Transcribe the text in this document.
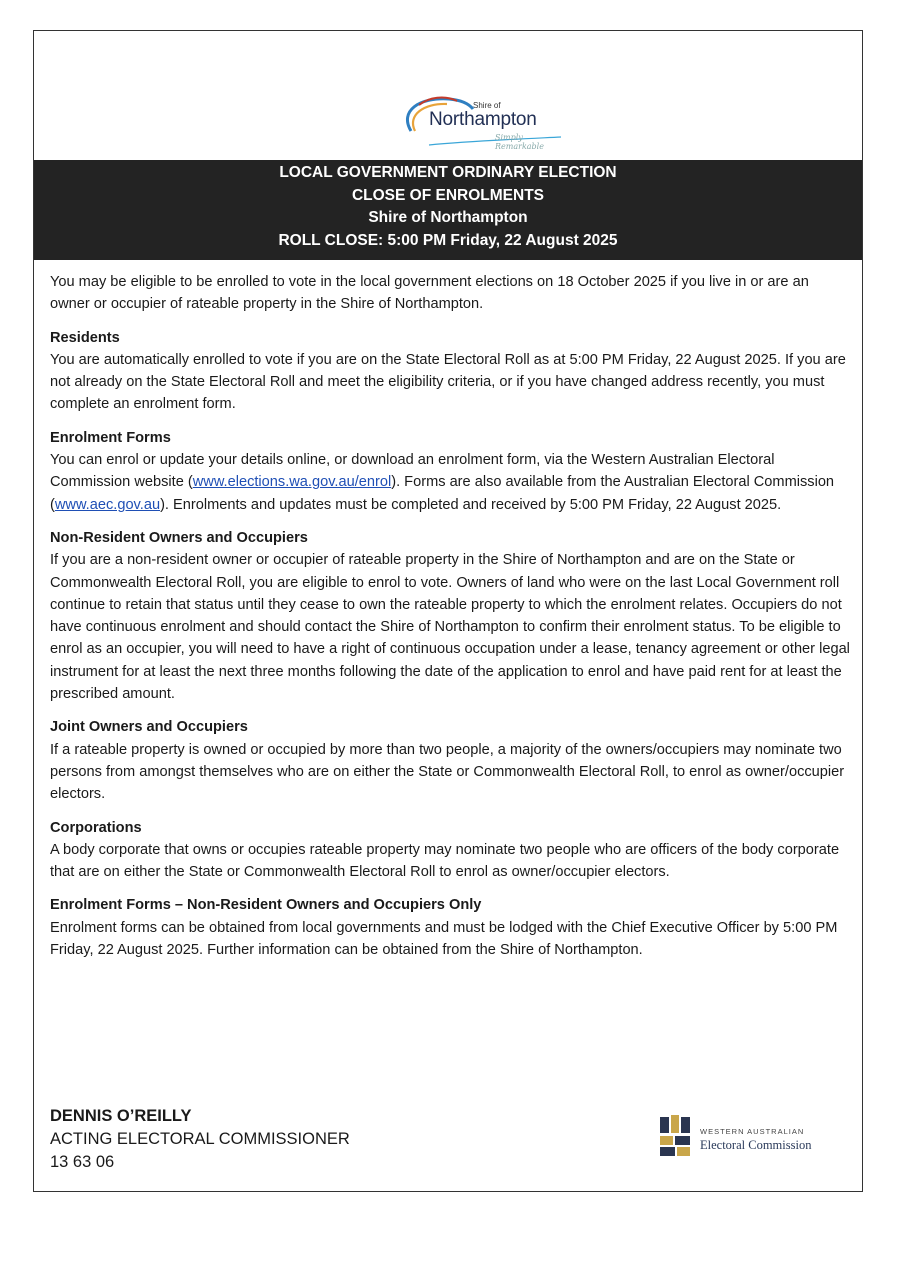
Shire of
Northampton
Simply Remarkable
LOCAL GOVERNMENT ORDINARY ELECTION
CLOSE OF ENROLMENTS
Shire of Northampton
ROLL CLOSE: 5:00 PM Friday, 22 August 2025

You may be eligible to be enrolled to vote in the local government elections on 18 October 2025 if you live in or are an owner or occupier of rateable property in the Shire of Northampton.

Residents

You are automatically enrolled to vote if you are on the State Electoral Roll as at 5:00 PM Friday, 22 August 2025. If you are not already on the State Electoral Roll and meet the eligibility criteria, or if you have changed address recently, you must complete an enrolment form.

Enrolment Forms

You can enrol or update your details online, or download an enrolment form, via the Western Australian Electoral Commission website (www.elections.wa.gov.au/enrol). Forms are also available from the Australian Electoral Commission (www.aec.gov.au). Enrolments and updates must be completed and received by 5:00 PM Friday, 22 August 2025.

Non-Resident Owners and Occupiers

If you are a non-resident owner or occupier of rateable property in the Shire of Northampton and are on the State or Commonwealth Electoral Roll, you are eligible to enrol to vote. Owners of land who were on the last Local Government roll continue to retain that status until they cease to own the rateable property to which the enrolment relates. Occupiers do not have continuous enrolment and should contact the Shire of Northampton to confirm their enrolment status. To be eligible to enrol as an occupier, you will need to have a right of continuous occupation under a lease, tenancy agreement or other legal instrument for at least the next three months following the date of the application to enrol and have paid rent for at least the prescribed amount.

Joint Owners and Occupiers

If a rateable property is owned or occupied by more than two people, a majority of the owners/occupiers may nominate two persons from amongst themselves who are on either the State or Commonwealth Electoral Roll, to enrol as owner/occupier electors.

Corporations

A body corporate that owns or occupies rateable property may nominate two people who are officers of the body corporate that are on either the State or Commonwealth Electoral Roll to enrol as owner/occupier electors.

Enrolment Forms – Non-Resident Owners and Occupiers Only

Enrolment forms can be obtained from local governments and must be lodged with the Chief Executive Officer by 5:00 PM Friday, 22 August 2025. Further information can be obtained from the Shire of Northampton.

DENNIS O’REILLY
ACTING ELECTORAL COMMISSIONER
13 63 06
WESTERN AUSTRALIAN
Electoral Commission
